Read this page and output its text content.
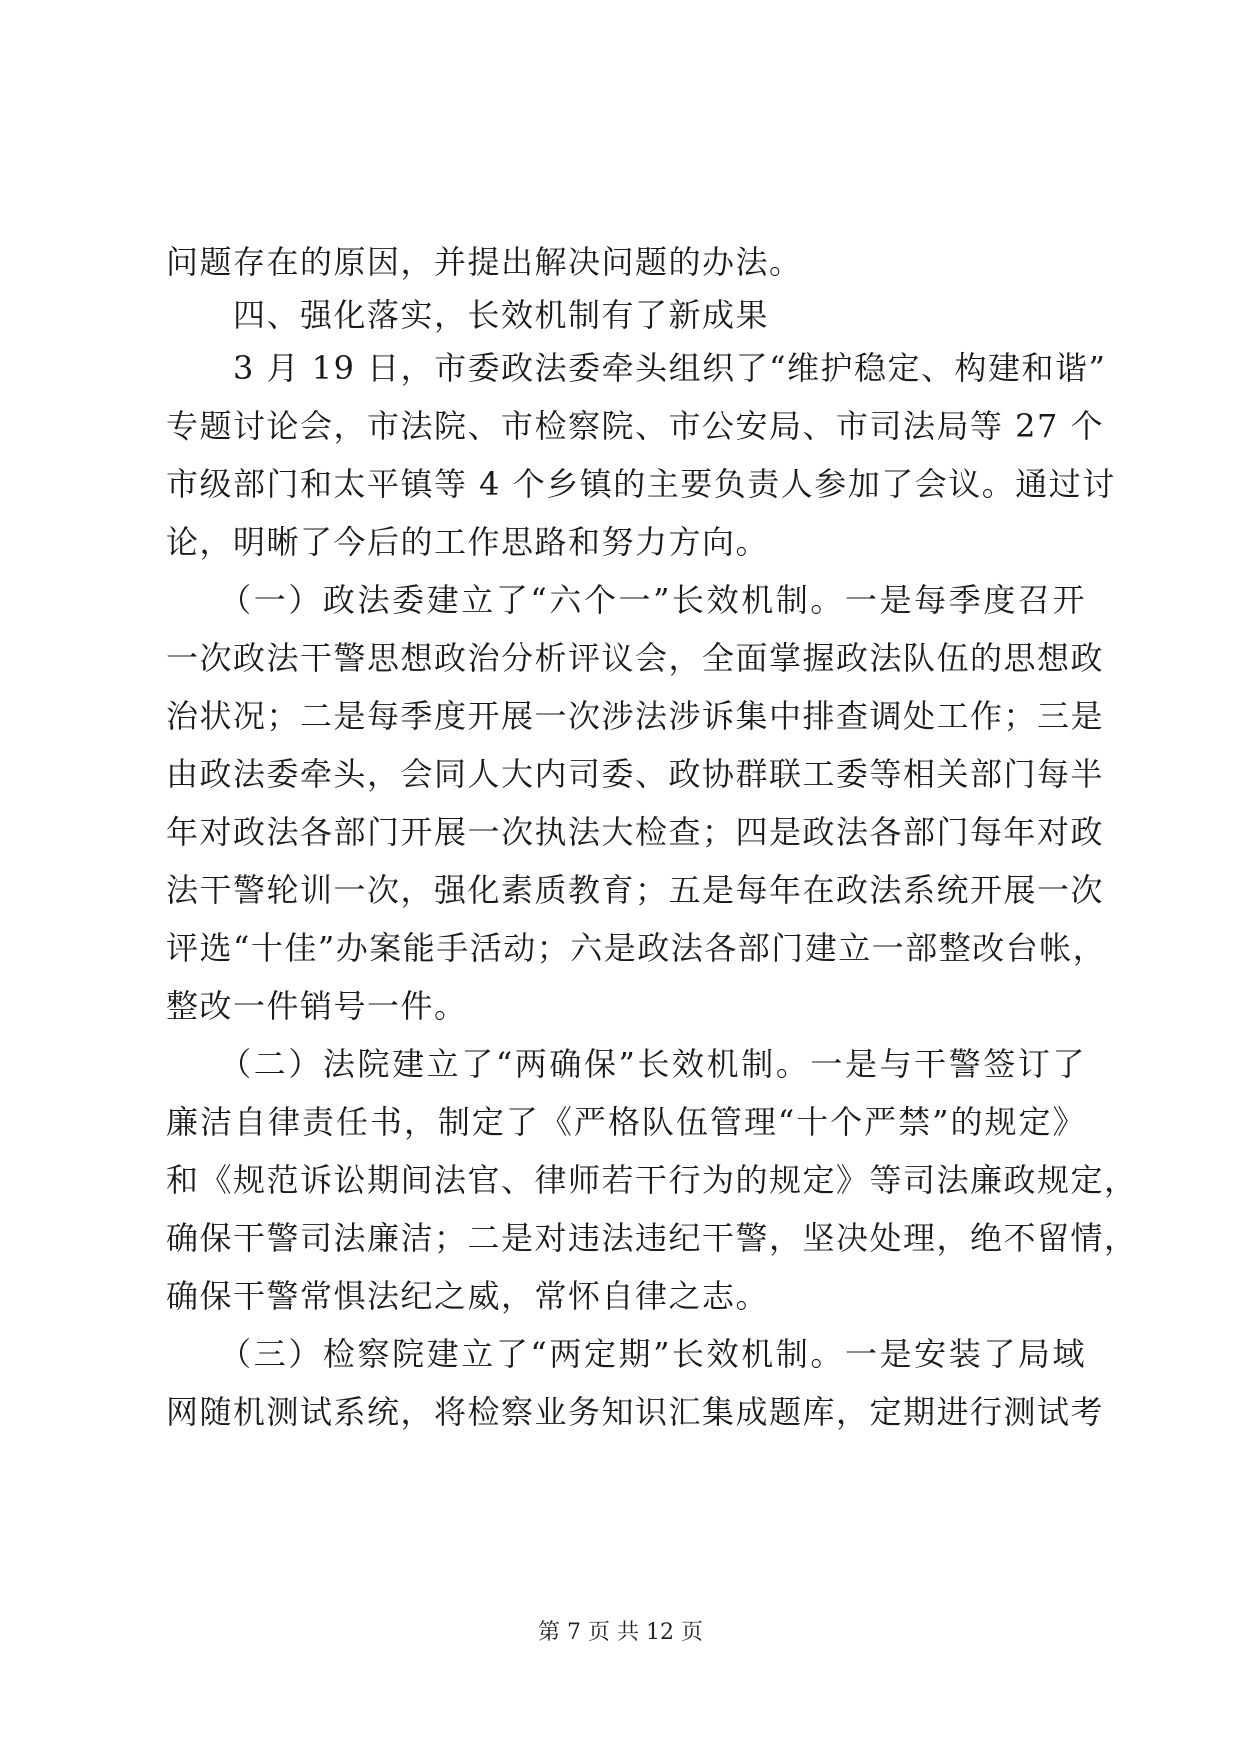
问题存在的原因，并提出解决问题的办法。
　　四、强化落实，长效机制有了新成果
　　3 月 19 日，市委政法委牵头组织了“维护稳定、构建和谐”
专题讨论会，市法院、市检察院、市公安局、市司法局等 27 个
市级部门和太平镇等 4 个乡镇的主要负责人参加了会议。通过讨
论，明晰了今后的工作思路和努力方向。
　　（一）政法委建立了“六个一”长效机制。一是每季度召开
一次政法干警思想政治分析评议会，全面掌握政法队伍的思想政
治状况；二是每季度开展一次涉法涉诉集中排查调处工作；三是
由政法委牵头，会同人大内司委、政协群联工委等相关部门每半
年对政法各部门开展一次执法大检查；四是政法各部门每年对政
法干警轮训一次，强化素质教育；五是每年在政法系统开展一次
评选“十佳”办案能手活动；六是政法各部门建立一部整改台帐，
整改一件销号一件。
　　（二）法院建立了“两确保”长效机制。一是与干警签订了
廉洁自律责任书，制定了《严格队伍管理“十个严禁”的规定》
和《规范诉讼期间法官、律师若干行为的规定》等司法廉政规定，
确保干警司法廉洁；二是对违法违纪干警，坚决处理，绝不留情，
确保干警常惧法纪之威，常怀自律之志。
　　（三）检察院建立了“两定期”长效机制。一是安装了局域
网随机测试系统，将检察业务知识汇集成题库，定期进行测试考
第 7 页 共 12 页
